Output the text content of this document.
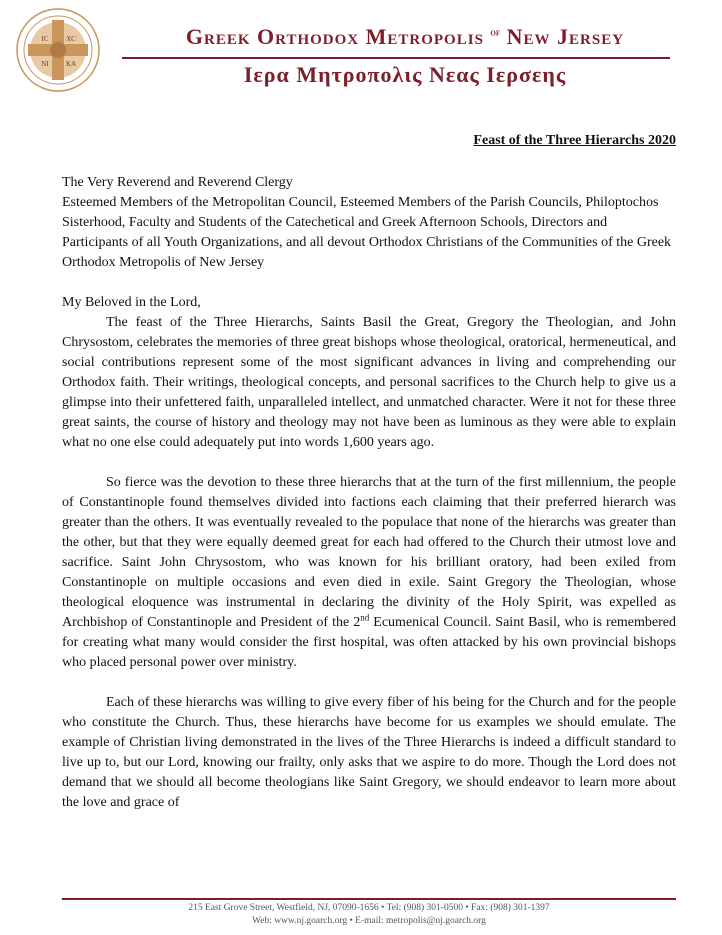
IC	XC
NI KA
Greek Orthodox Metropolis $^{of}$ New Jersey
Ιερα Μητροπολις Νεας Ιερσεης
Feast of the Three Hierarchs 2020

The Very Reverend and Reverend Clergy

Esteemed Members of the Metropolitan Council, Esteemed Members of the Parish Councils, Philoptochos Sisterhood, Faculty and Students of the Catechetical and Greek Afternoon Schools, Directors and Participants of all Youth Organizations, and all devout Orthodox Christians of the Communities of the Greek Orthodox Metropolis of New Jersey

My Beloved in the Lord,

The feast of the Three Hierarchs, Saints Basil the Great, Gregory the Theologian, and John Chrysostom, celebrates the memories of three great bishops whose theological, oratorical, hermeneutical, and social contributions represent some of the most significant advances in living and comprehending our Orthodox faith. Their writings, theological concepts, and personal sacrifices to the Church help to give us a glimpse into their unfettered faith, unparalleled intellect, and unmatched character. Were it not for these three great saints, the course of history and theology may not have been as luminous as they were able to explain what no one else could adequately put into words 1,600 years ago.

So fierce was the devotion to these three hierarchs that at the turn of the first millennium, the people of Constantinople found themselves divided into factions each claiming that their preferred hierarch was greater than the others. It was eventually revealed to the populace that none of the hierarchs was greater than the other, but that they were equally deemed great for each had offered to the Church their utmost love and sacrifice. Saint John Chrysostom, who was known for his brilliant oratory, had been exiled from Constantinople on multiple occasions and even died in exile. Saint Gregory the Theologian, whose theological eloquence was instrumental in declaring the divinity of the Holy Spirit, was expelled as Archbishop of Constantinople and President of the 2nd Ecumenical Council. Saint Basil, who is remembered for creating what many would consider the first hospital, was often attacked by his own provincial bishops who placed personal power over ministry.

Each of these hierarchs was willing to give every fiber of his being for the Church and for the people who constitute the Church. Thus, these hierarchs have become for us examples we should emulate. The example of Christian living demonstrated in the lives of the Three Hierarchs is indeed a difficult standard to live up to, but our Lord, knowing our frailty, only asks that we aspire to do more. Though the Lord does not demand that we should all become theologians like Saint Gregory, we should endeavor to learn more about the love and grace of

215 East Grove Street, Westfield, NJ, 07090-1656 • Tel: (908) 301-0500 • Fax: (908) 301-1397
Web: www.nj.goarch.org • E-mail: metropolis@nj.goarch.org
